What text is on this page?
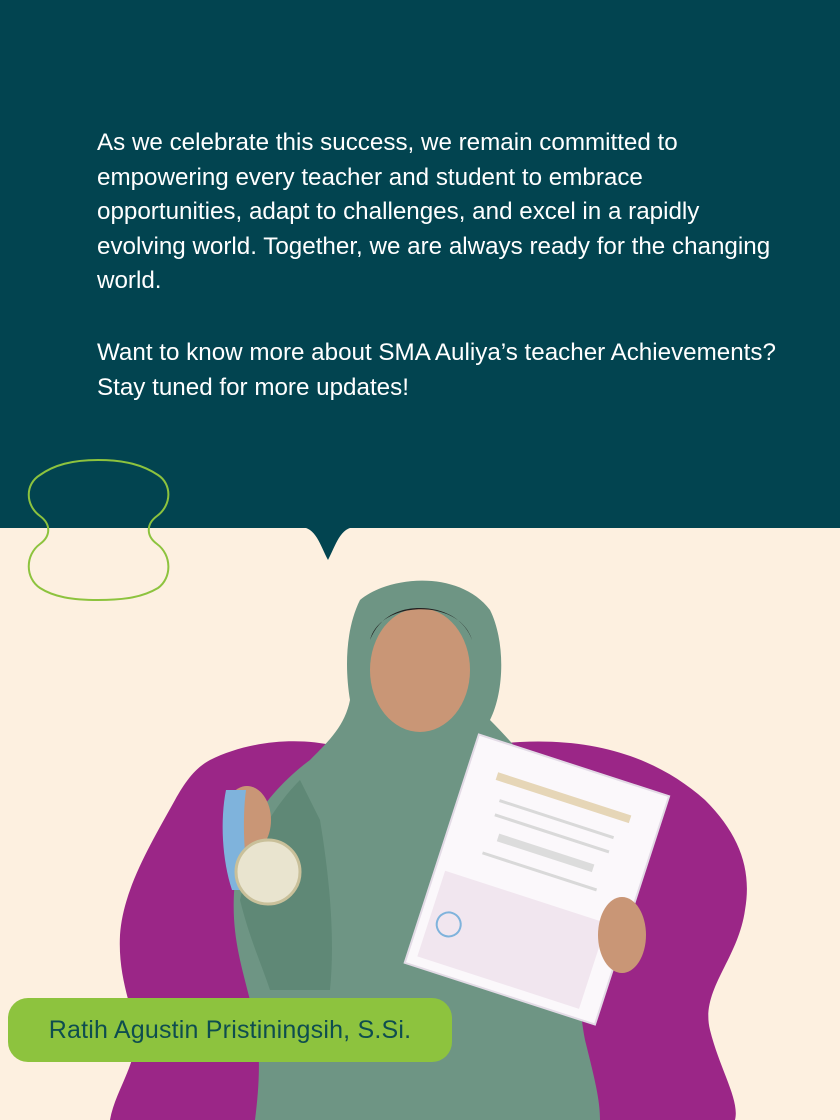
As we celebrate this success, we remain committed to empowering every teacher and student to embrace opportunities, adapt to challenges, and excel in a rapidly evolving world. Together, we are always ready for the changing world.

Want to know more about SMA Auliya’s teacher Achievements? Stay tuned for more updates!

Ratih Agustin Pristiningsih, S.Si.
